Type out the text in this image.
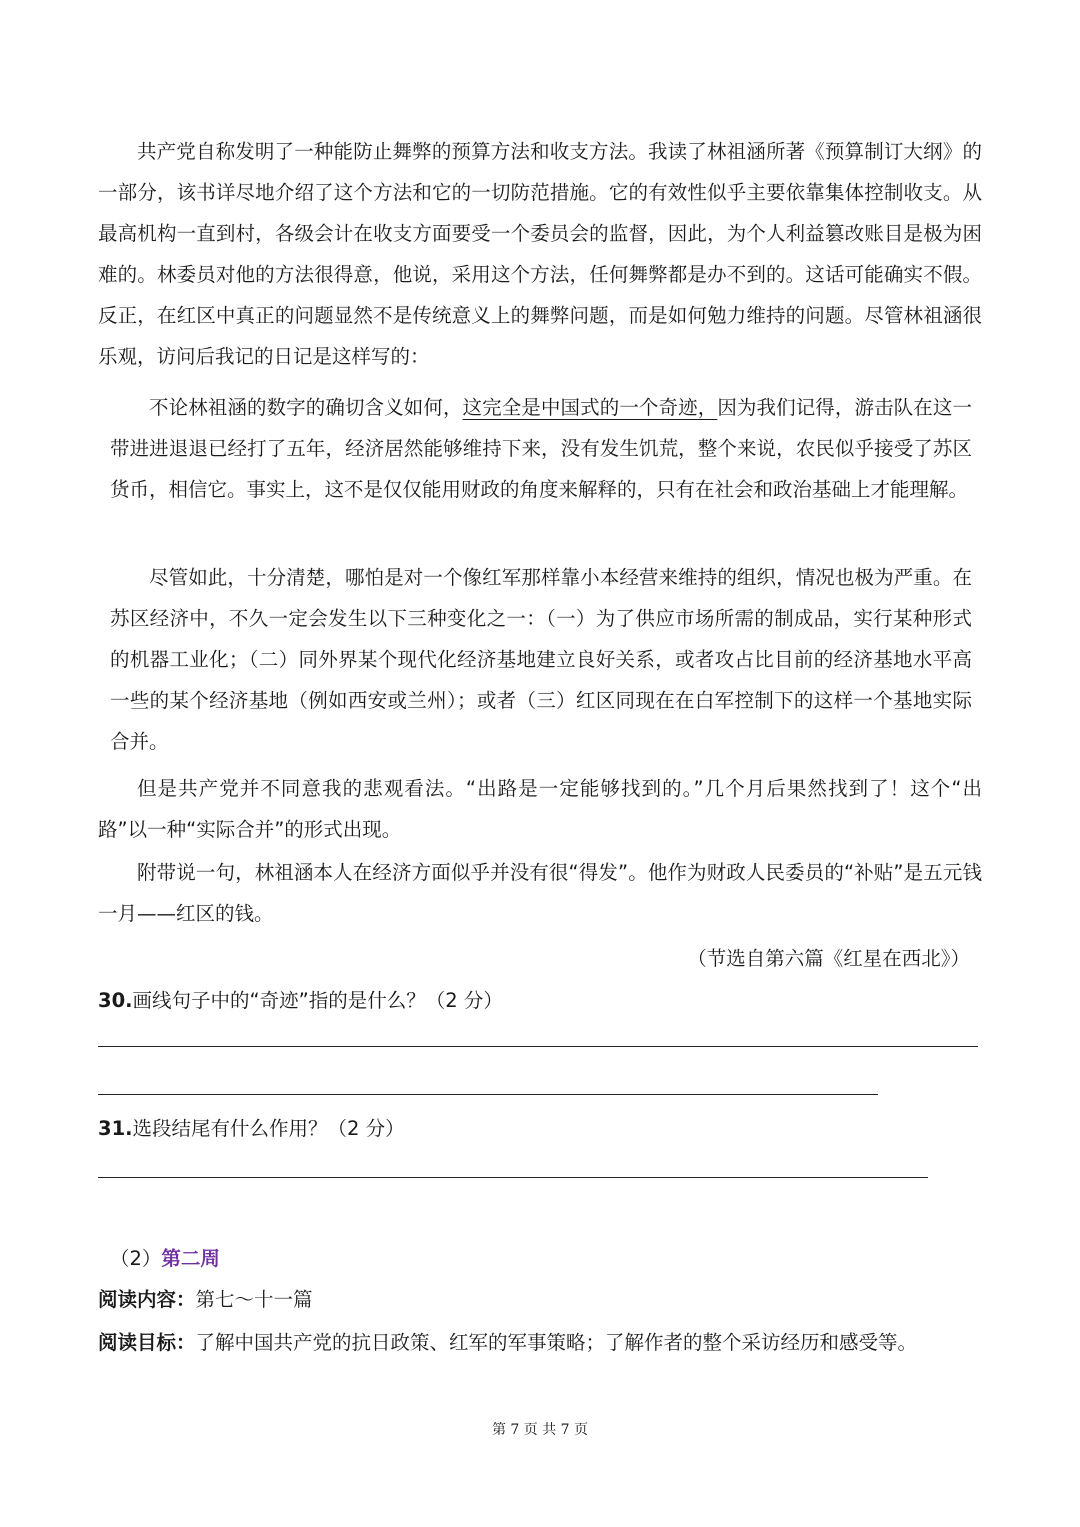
共产党自称发明了一种能防止舞弊的预算方法和收支方法。我读了林祖涵所著《预算制订大纲》的一部分，该书详尽地介绍了这个方法和它的一切防范措施。它的有效性似乎主要依靠集体控制收支。从最高机构一直到村，各级会计在收支方面要受一个委员会的监督，因此，为个人利益篡改账目是极为困难的。林委员对他的方法很得意，他说，采用这个方法，任何舞弊都是办不到的。这话可能确实不假。反正，在红区中真正的问题显然不是传统意义上的舞弊问题，而是如何勉力维持的问题。尽管林祖涵很乐观，访问后我记的日记是这样写的：

不论林祖涵的数字的确切含义如何，这完全是中国式的一个奇迹，因为我们记得，游击队在这一带进进退退已经打了五年，经济居然能够维持下来，没有发生饥荒，整个来说，农民似乎接受了苏区货币，相信它。事实上，这不是仅仅能用财政的角度来解释的，只有在社会和政治基础上才能理解。

尽管如此，十分清楚，哪怕是对一个像红军那样靠小本经营来维持的组织，情况也极为严重。在苏区经济中，不久一定会发生以下三种变化之一：（一）为了供应市场所需的制成品，实行某种形式的机器工业化；（二）同外界某个现代化经济基地建立良好关系，或者攻占比目前的经济基地水平高一些的某个经济基地（例如西安或兰州）；或者（三）红区同现在在白军控制下的这样一个基地实际合并。

但是共产党并不同意我的悲观看法。“出路是一定能够找到的。”几个月后果然找到了！这个“出路”以一种“实际合并”的形式出现。

附带说一句，林祖涵本人在经济方面似乎并没有很“得发”。他作为财政人民委员的“补贴”是五元钱一月——红区的钱。

（节选自第六篇《红星在西北》）

30.画线句子中的“奇迹”指的是什么？（2 分）

31.选段结尾有什么作用？（2 分）

（2）第二周

阅读内容：第七～十一篇

阅读目标：了解中国共产党的抗日政策、红军的军事策略；了解作者的整个采访经历和感受等。

第 7 页 共 7 页
